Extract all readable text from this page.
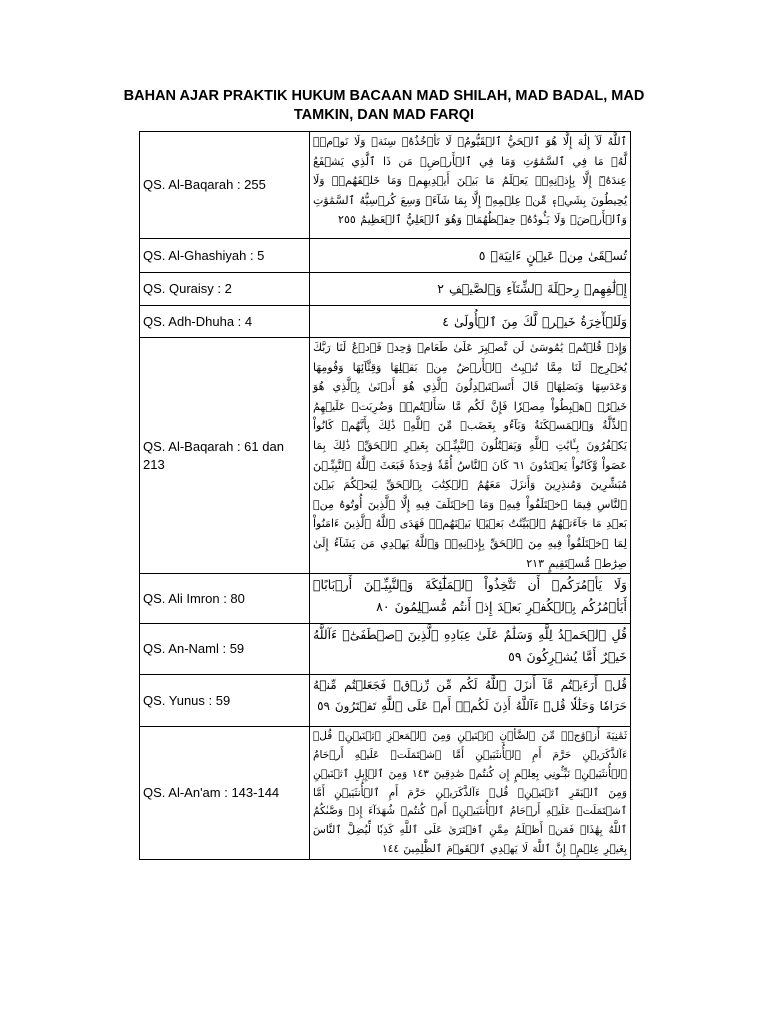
BAHAN AJAR PRAKTIK HUKUM BACAAN MAD SHILAH, MAD BADAL, MAD
TAMKIN, DAN MAD FARQI
QS. Al-Baqarah : 255	ٱللَّهُ لَآ إِلَٰهَ إِلَّا هُوَ ٱلۡحَيُّ ٱلۡقَيُّومُۚ لَا تَأۡخُذُهُۥ سِنَةٞ وَلَا نَوۡمٞۚ لَّهُۥ مَا فِي ٱلسَّمَٰوَٰتِ وَمَا فِي ٱلۡأَرۡضِۗ مَن ذَا ٱلَّذِي يَشۡفَعُ عِندَهُۥٓ إِلَّا بِإِذۡنِهِۦۚ يَعۡلَمُ مَا بَيۡنَ أَيۡدِيهِمۡ وَمَا خَلۡفَهُمۡۖ وَلَا يُحِيطُونَ بِشَيۡءٖ مِّنۡ عِلۡمِهِۦٓ إِلَّا بِمَا شَآءَۚ وَسِعَ كُرۡسِيُّهُ ٱلسَّمَٰوَٰتِ وَٱلۡأَرۡضَۖ وَلَا يَـُٔودُهُۥ حِفۡظُهُمَاۚ وَهُوَ ٱلۡعَلِيُّ ٱلۡعَظِيمُ ٢٥٥
QS. Al-Ghashiyah : 5	تُسۡقَىٰ مِنۡ عَيۡنٍ ءَانِيَةٖ ٥
QS. Quraisy : 2	إِۦلَٰفِهِمۡ رِحۡلَةَ ٱلشِّتَآءِ وَٱلصَّيۡفِ ٢
QS. Adh-Dhuha : 4	وَلَلۡأٓخِرَةُ خَيۡرٞ لَّكَ مِنَ ٱلۡأُولَىٰ ٤
QS. Al-Baqarah : 61 dan 213	وَإِذۡ قُلۡتُمۡ يَٰمُوسَىٰ لَن نَّصۡبِرَ عَلَىٰ طَعَامٖ وَٰحِدٖ فَٱدۡعُ لَنَا رَبَّكَ يُخۡرِجۡ لَنَا مِمَّا تُنۢبِتُ ٱلۡأَرۡضُ مِنۢ بَقۡلِهَا وَقِثَّآئِهَا وَفُومِهَا وَعَدَسِهَا وَبَصَلِهَاۖ قَالَ أَتَسۡتَبۡدِلُونَ ٱلَّذِي هُوَ أَدۡنَىٰ بِٱلَّذِي هُوَ خَيۡرٌۚ ٱهۡبِطُواْ مِصۡرٗا فَإِنَّ لَكُم مَّا سَأَلۡتُمۡۗ وَضُرِبَتۡ عَلَيۡهِمُ ٱلذِّلَّةُ وَٱلۡمَسۡكَنَةُ وَبَآءُو بِغَضَبٖ مِّنَ ٱللَّهِۗ ذَٰلِكَ بِأَنَّهُمۡ كَانُواْ يَكۡفُرُونَ بِـَٔايَٰتِ ٱللَّهِ وَيَقۡتُلُونَ ٱلنَّبِيِّـۧنَ بِغَيۡرِ ٱلۡحَقِّۗ ذَٰلِكَ بِمَا عَصَواْ وَّكَانُواْ يَعۡتَدُونَ ٦١ كَانَ ٱلنَّاسُ أُمَّةٗ وَٰحِدَةٗ فَبَعَثَ ٱللَّهُ ٱلنَّبِيِّـۧنَ مُبَشِّرِينَ وَمُنذِرِينَ وَأَنزَلَ مَعَهُمُ ٱلۡكِتَٰبَ بِٱلۡحَقِّ لِيَحۡكُمَ بَيۡنَ ٱلنَّاسِ فِيمَا ٱخۡتَلَفُواْ فِيهِۚ وَمَا ٱخۡتَلَفَ فِيهِ إِلَّا ٱلَّذِينَ أُوتُوهُ مِنۢ بَعۡدِ مَا جَآءَتۡهُمُ ٱلۡبَيِّنَٰتُ بَغۡيَۢا بَيۡنَهُمۡۖ فَهَدَى ٱللَّهُ ٱلَّذِينَ ءَامَنُواْ لِمَا ٱخۡتَلَفُواْ فِيهِ مِنَ ٱلۡحَقِّ بِإِذۡنِهِۦۗ وَٱللَّهُ يَهۡدِي مَن يَشَآءُ إِلَىٰ صِرَٰطٖ مُّسۡتَقِيمٍ ٢١٣
QS. Ali Imron : 80	وَلَا يَأۡمُرَكُمۡ أَن تَتَّخِذُواْ ٱلۡمَلَٰٓئِكَةَ وَٱلنَّبِيِّـۧنَ أَرۡبَابًاۗ أَيَأۡمُرُكُم بِٱلۡكُفۡرِ بَعۡدَ إِذۡ أَنتُم مُّسۡلِمُونَ ٨٠
QS. An-Naml : 59	قُلِ ٱلۡحَمۡدُ لِلَّهِ وَسَلَٰمٌ عَلَىٰ عِبَادِهِ ٱلَّذِينَ ٱصۡطَفَىٰٓۗ ءَآللَّهُ خَيۡرٌ أَمَّا يُشۡرِكُونَ ٥٩
QS. Yunus : 59	قُلۡ أَرَءَيۡتُم مَّآ أَنزَلَ ٱللَّهُ لَكُم مِّن رِّزۡقٖ فَجَعَلۡتُم مِّنۡهُ حَرَامٗا وَحَلَٰلٗا قُلۡ ءَآللَّهُ أَذِنَ لَكُمۡۖ أَمۡ عَلَى ٱللَّهِ تَفۡتَرُونَ ٥٩
QS. Al-An'am : 143-144	ثَمَٰنِيَةَ أَزۡوَٰجٖۖ مِّنَ ٱلضَّأۡنِ ٱثۡنَيۡنِ وَمِنَ ٱلۡمَعۡزِ ٱثۡنَيۡنِۗ قُلۡ ءَآلذَّكَرَيۡنِ حَرَّمَ أَمِ ٱلۡأُنثَيَيۡنِ أَمَّا ٱشۡتَمَلَتۡ عَلَيۡهِ أَرۡحَامُ ٱلۡأُنثَيَيۡنِۖ نَبِّـُٔونِي بِعِلۡمٍ إِن كُنتُمۡ صَٰدِقِينَ ١٤٣ وَمِنَ ٱلۡإِبِلِ ٱثۡنَيۡنِ وَمِنَ ٱلۡبَقَرِ ٱثۡنَيۡنِۗ قُلۡ ءَآلذَّكَرَيۡنِ حَرَّمَ أَمِ ٱلۡأُنثَيَيۡنِ أَمَّا ٱشۡتَمَلَتۡ عَلَيۡهِ أَرۡحَامُ ٱلۡأُنثَيَيۡنِۖ أَمۡ كُنتُمۡ شُهَدَآءَ إِذۡ وَصَّىٰكُمُ ٱللَّهُ بِهَٰذَاۚ فَمَنۡ أَظۡلَمُ مِمَّنِ ٱفۡتَرَىٰ عَلَى ٱللَّهِ كَذِبٗا لِّيُضِلَّ ٱلنَّاسَ بِغَيۡرِ عِلۡمٍۚ إِنَّ ٱللَّهَ لَا يَهۡدِي ٱلۡقَوۡمَ ٱلظَّٰلِمِينَ ١٤٤
